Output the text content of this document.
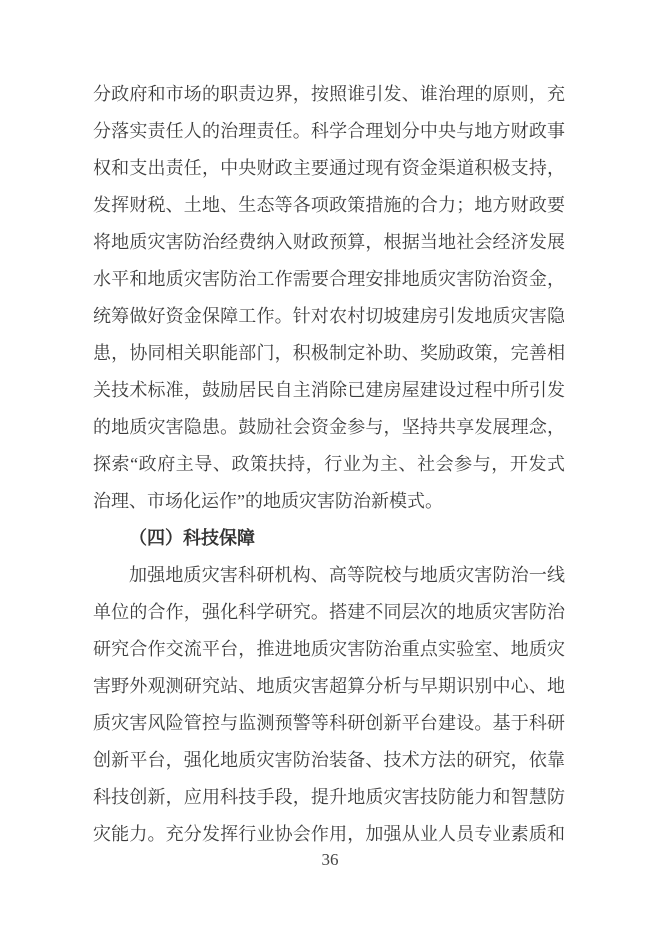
分政府和市场的职责边界，按照谁引发、谁治理的原则，充
分落实责任人的治理责任。科学合理划分中央与地方财政事
权和支出责任，中央财政主要通过现有资金渠道积极支持，
发挥财税、土地、生态等各项政策措施的合力；地方财政要
将地质灾害防治经费纳入财政预算，根据当地社会经济发展
水平和地质灾害防治工作需要合理安排地质灾害防治资金，
统筹做好资金保障工作。针对农村切坡建房引发地质灾害隐
患，协同相关职能部门，积极制定补助、奖励政策，完善相
关技术标准，鼓励居民自主消除已建房屋建设过程中所引发
的地质灾害隐患。鼓励社会资金参与，坚持共享发展理念，
探索“政府主导、政策扶持，行业为主、社会参与，开发式
治理、市场化运作”的地质灾害防治新模式。
（四）科技保障
加强地质灾害科研机构、高等院校与地质灾害防治一线
单位的合作，强化科学研究。搭建不同层次的地质灾害防治
研究合作交流平台，推进地质灾害防治重点实验室、地质灾
害野外观测研究站、地质灾害超算分析与早期识别中心、地
质灾害风险管控与监测预警等科研创新平台建设。基于科研
创新平台，强化地质灾害防治装备、技术方法的研究，依靠
科技创新，应用科技手段，提升地质灾害技防能力和智慧防
灾能力。充分发挥行业协会作用，加强从业人员专业素质和
36
